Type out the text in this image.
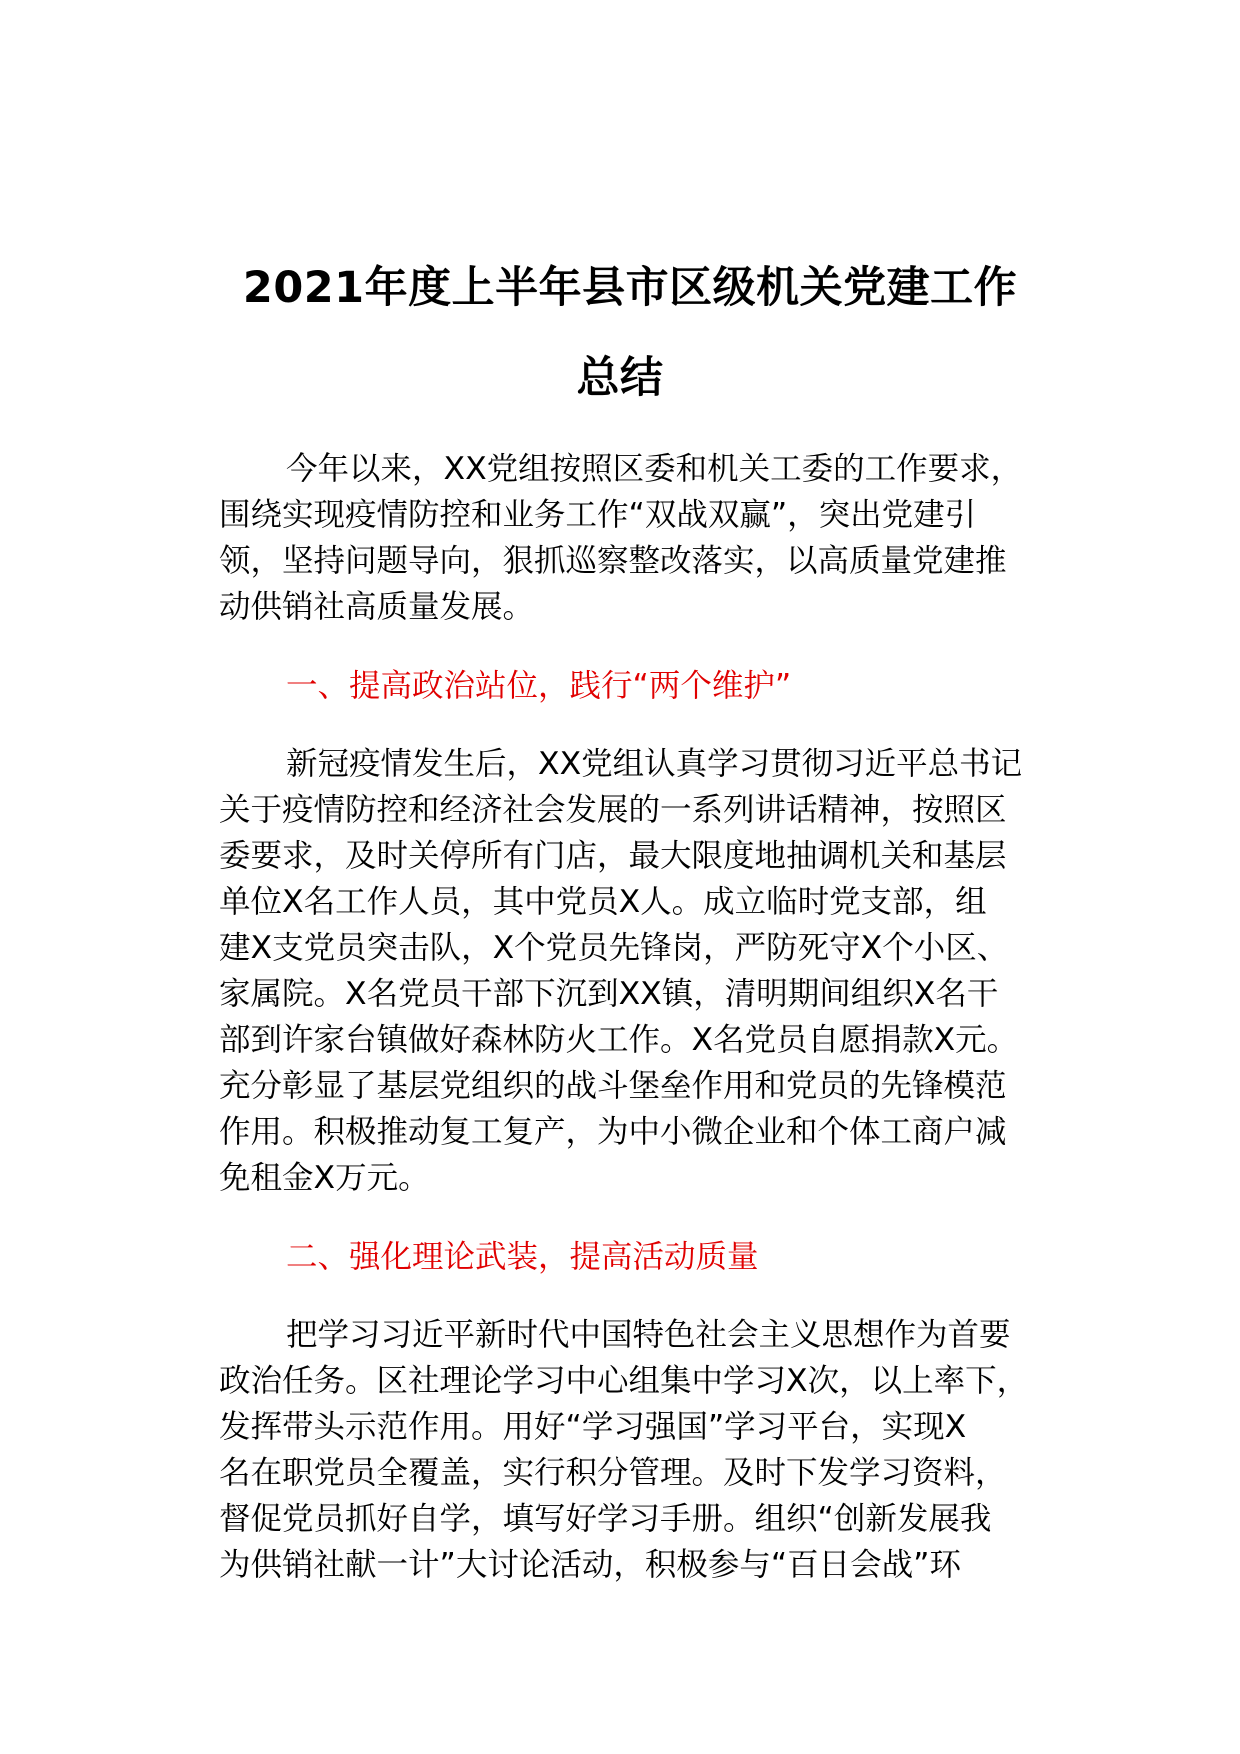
2021年度上半年县市区级机关党建工作
总结
今年以来，XX党组按照区委和机关工委的工作要求，
围绕实现疫情防控和业务工作“双战双赢”，突出党建引
领，坚持问题导向，狠抓巡察整改落实，以高质量党建推
动供销社高质量发展。
一、提高政治站位，践行“两个维护”
新冠疫情发生后，XX党组认真学习贯彻习近平总书记
关于疫情防控和经济社会发展的一系列讲话精神，按照区
委要求，及时关停所有门店，最大限度地抽调机关和基层
单位X名工作人员，其中党员X人。成立临时党支部，组
建X支党员突击队，X个党员先锋岗，严防死守X个小区、
家属院。X名党员干部下沉到XX镇，清明期间组织X名干
部到许家台镇做好森林防火工作。X名党员自愿捐款X元。
充分彰显了基层党组织的战斗堡垒作用和党员的先锋模范
作用。积极推动复工复产，为中小微企业和个体工商户减
免租金X万元。
二、强化理论武装，提高活动质量
把学习习近平新时代中国特色社会主义思想作为首要
政治任务。区社理论学习中心组集中学习X次，以上率下，
发挥带头示范作用。用好“学习强国”学习平台，实现X
名在职党员全覆盖，实行积分管理。及时下发学习资料，
督促党员抓好自学，填写好学习手册。组织“创新发展我
为供销社献一计”大讨论活动，积极参与“百日会战”环
